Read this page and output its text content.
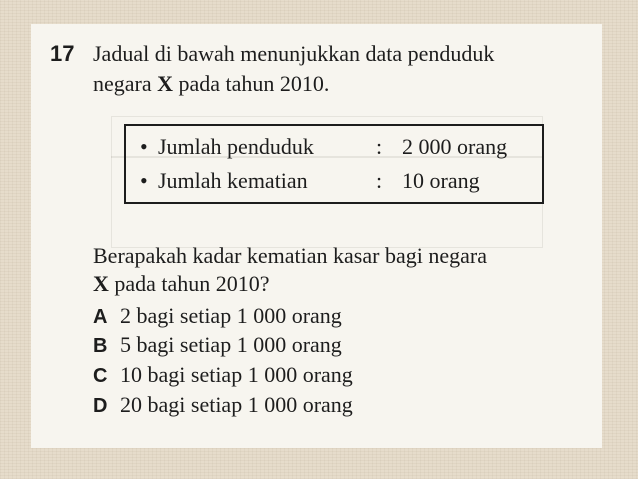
17 Jadual di bawah menunjukkan data penduduk
negara X pada tahun 2010.
• Jumlah penduduk	: 2 000 orang
• Jumlah kematian	: 10 orang
Berapakah kadar kematian kasar bagi negara
X pada tahun 2010?
A 2 bagi setiap 1 000 orang
B 5 bagi setiap 1 000 orang
C 10 bagi setiap 1 000 orang
D 20 bagi setiap 1 000 orang
